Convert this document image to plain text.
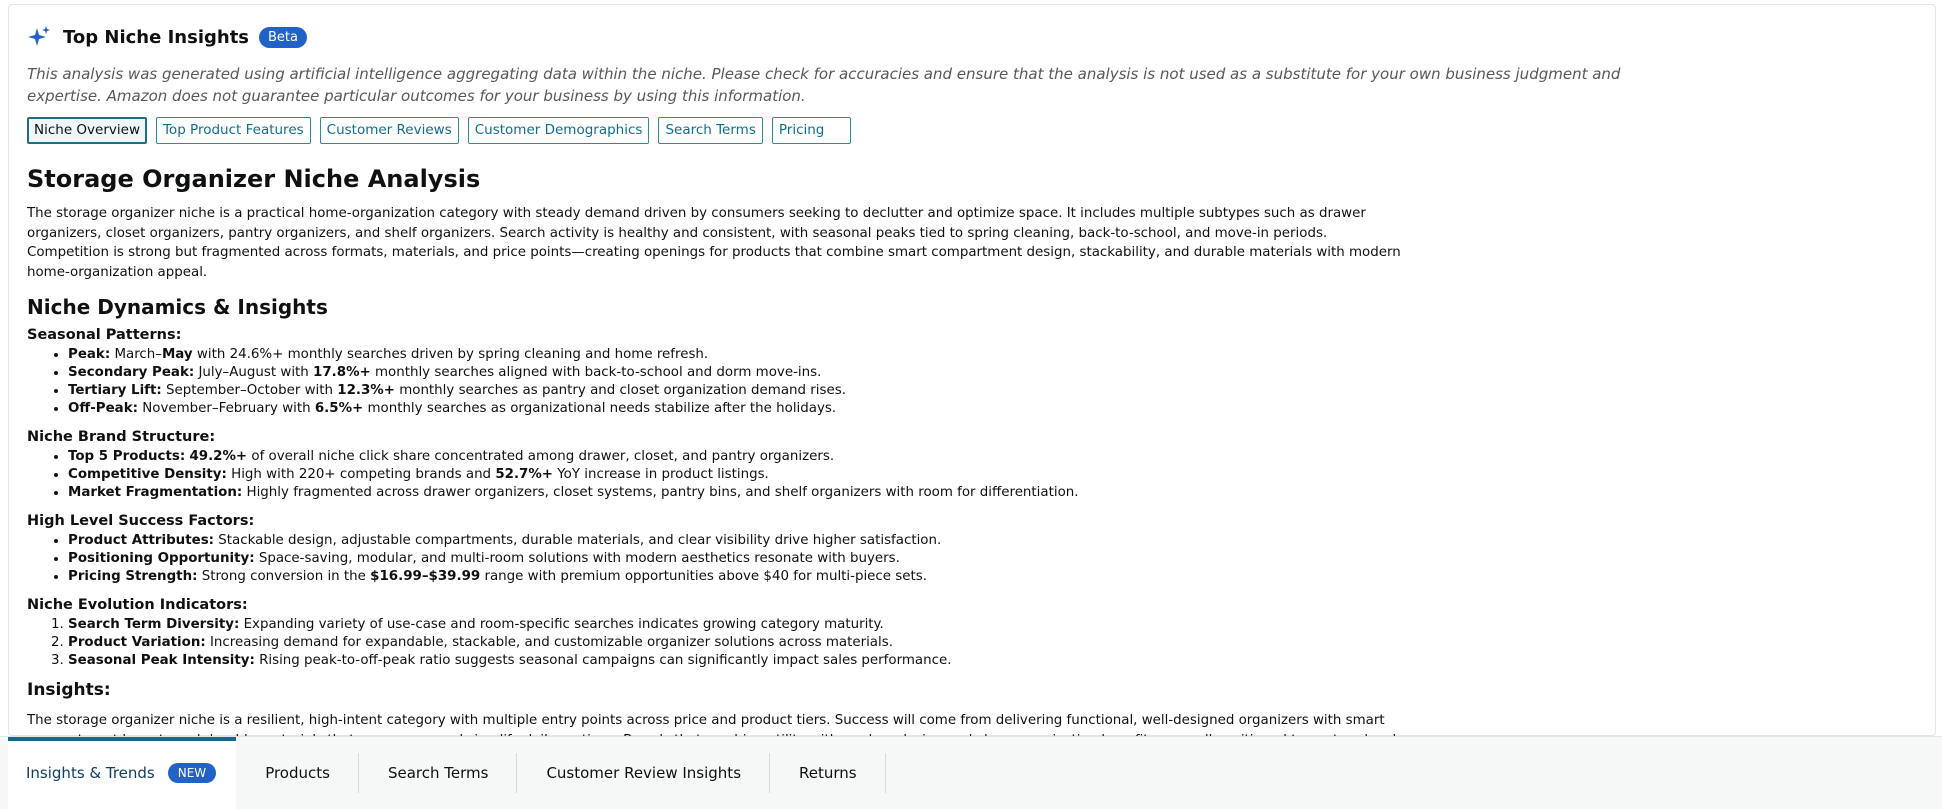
Top Niche Insights	Beta

This analysis was generated using artificial intelligence aggregating data within the niche. Please check for accuracies and ensure that the analysis is not used as a substitute for your own business judgment and expertise. Amazon does not guarantee particular outcomes for your business by using this information.

Niche Overview	Top Product Features	Customer Reviews	Customer Demographics	Search Terms	Pricing
Storage Organizer Niche Analysis

The storage organizer niche is a practical home-organization category with steady demand driven by consumers seeking to declutter and optimize space. It includes multiple subtypes such as drawer organizers, closet organizers, pantry organizers, and shelf organizers. Search activity is healthy and consistent, with seasonal peaks tied to spring cleaning, back-to-school, and move-in periods. Competition is strong but fragmented across formats, materials, and price points—creating openings for products that combine smart compartment design, stackability, and durable materials with modern home-organization appeal.

Niche Dynamics & Insights
Seasonal Patterns:
• Peak: March–May with 24.6%+ monthly searches driven by spring cleaning and home refresh.
• Secondary Peak: July–August with 17.8%+ monthly searches aligned with back-to-school and dorm move-ins.
• Tertiary Lift: September–October with 12.3%+ monthly searches as pantry and closet organization demand rises.
• Off-Peak: November–February with 6.5%+ monthly searches as organizational needs stabilize after the holidays.
Niche Brand Structure:
• Top 5 Products: 49.2%+ of overall niche click share concentrated among drawer, closet, and pantry organizers.
• Competitive Density: High with 220+ competing brands and 52.7%+ YoY increase in product listings.
• Market Fragmentation: Highly fragmented across drawer organizers, closet systems, pantry bins, and shelf organizers with room for differentiation.
High Level Success Factors:
• Product Attributes: Stackable design, adjustable compartments, durable materials, and clear visibility drive higher satisfaction.
• Positioning Opportunity: Space-saving, modular, and multi-room solutions with modern aesthetics resonate with buyers.
• Pricing Strength: Strong conversion in the $16.99–$39.99 range with premium opportunities above $40 for multi-piece sets.
Niche Evolution Indicators:
1. Search Term Diversity: Expanding variety of use-case and room-specific searches indicates growing category maturity.
2. Product Variation: Increasing demand for expandable, stackable, and customizable organizer solutions across materials.
3. Seasonal Peak Intensity: Rising peak-to-off-peak ratio suggests seasonal campaigns can significantly impact sales performance.
Insights:

The storage organizer niche is a resilient, high-intent category with multiple entry points across price and product tiers. Success will come from delivering functional, well-designed organizers with smart

Insights & Trends	NEW	Products	Search Terms	Customer Review Insights	Returns
